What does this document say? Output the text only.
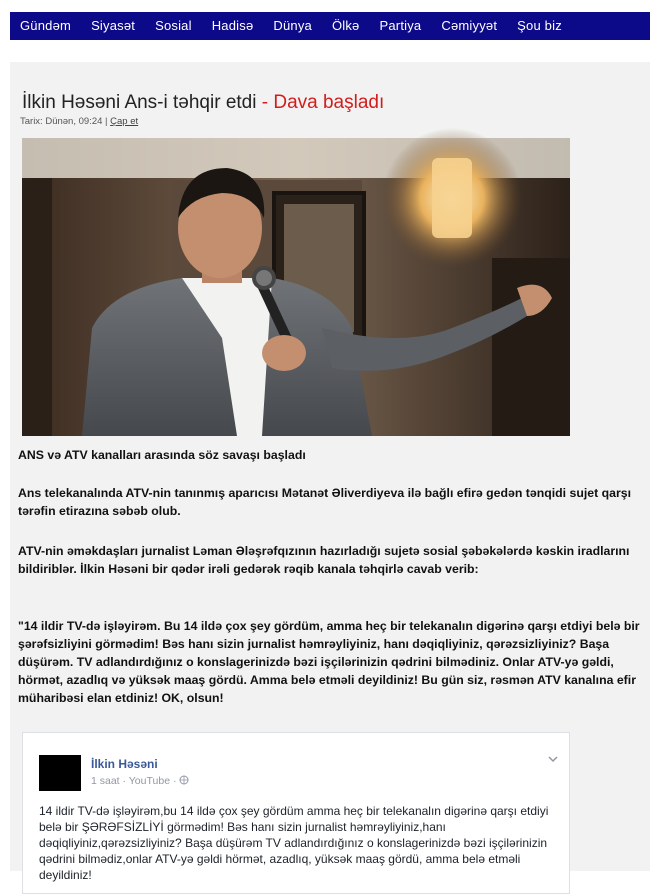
Gündəm Siyasət Sosial Hadisə Dünya Ölkə Partiya Cəmiyyət Şou biz
İlkin Həsəni Ans-i təhqir etdi - Dava başladı
Tarix: Dünən, 09:24 | Çap et
ANS və ATV kanalları arasında söz savaşı başladı
Ans telekanalında ATV-nin tanınmış aparıcısı Mətanət Əliverdiyeva ilə bağlı efirə gedən tənqidi sujet qarşı tərəfin etirazına səbəb olub.
ATV-nin əməkdaşları jurnalist Ləman Ələşrəfqızının hazırladığı sujetə sosial şəbəkələrdə kəskin iradlarını bildiriblər. İlkin Həsəni bir qədər irəli gedərək rəqib kanala təhqirlə cavab verib:
"14 ildir TV-də işləyirəm. Bu 14 ildə çox şey gördüm, amma heç bir telekanalın digərinə qarşı etdiyi belə bir şərəfsizliyini görmədim! Bəs hanı sizin jurnalist həmrəyliyiniz, hanı dəqiqliyiniz, qərəzsizliyiniz? Başa düşürəm. TV adlandırdığınız o konslagerinizdə bəzi işçilərinizin qədrini bilmədiniz. Onlar ATV-yə gəldi, hörmət, azadlıq və yüksək maaş gördü. Amma belə etməli deyildiniz! Bu gün siz, rəsmən ATV kanalına efir müharibəsi elan etdiniz! OK, olsun!
İlkin Həsəni
1 saat · YouTube ·
14 ildir TV-də işləyirəm,bu 14 ildə çox şey gördüm amma heç bir telekanalın digərinə qarşı etdiyi belə bir ŞƏRƏFSİZLİYİ görmədim! Bəs hanı sizin jurnalist həmrəyliyiniz,hanı dəqiqliyiniz,qərəzsizliyiniz? Başa düşürəm TV adlandırdığınız o konslagerinizdə bəzi işçilərinizin qədrini bilmədiz,onlar ATV-yə gəldi hörmət, azadlıq, yüksək maaş gördü, amma belə etməli deyildiniz!
